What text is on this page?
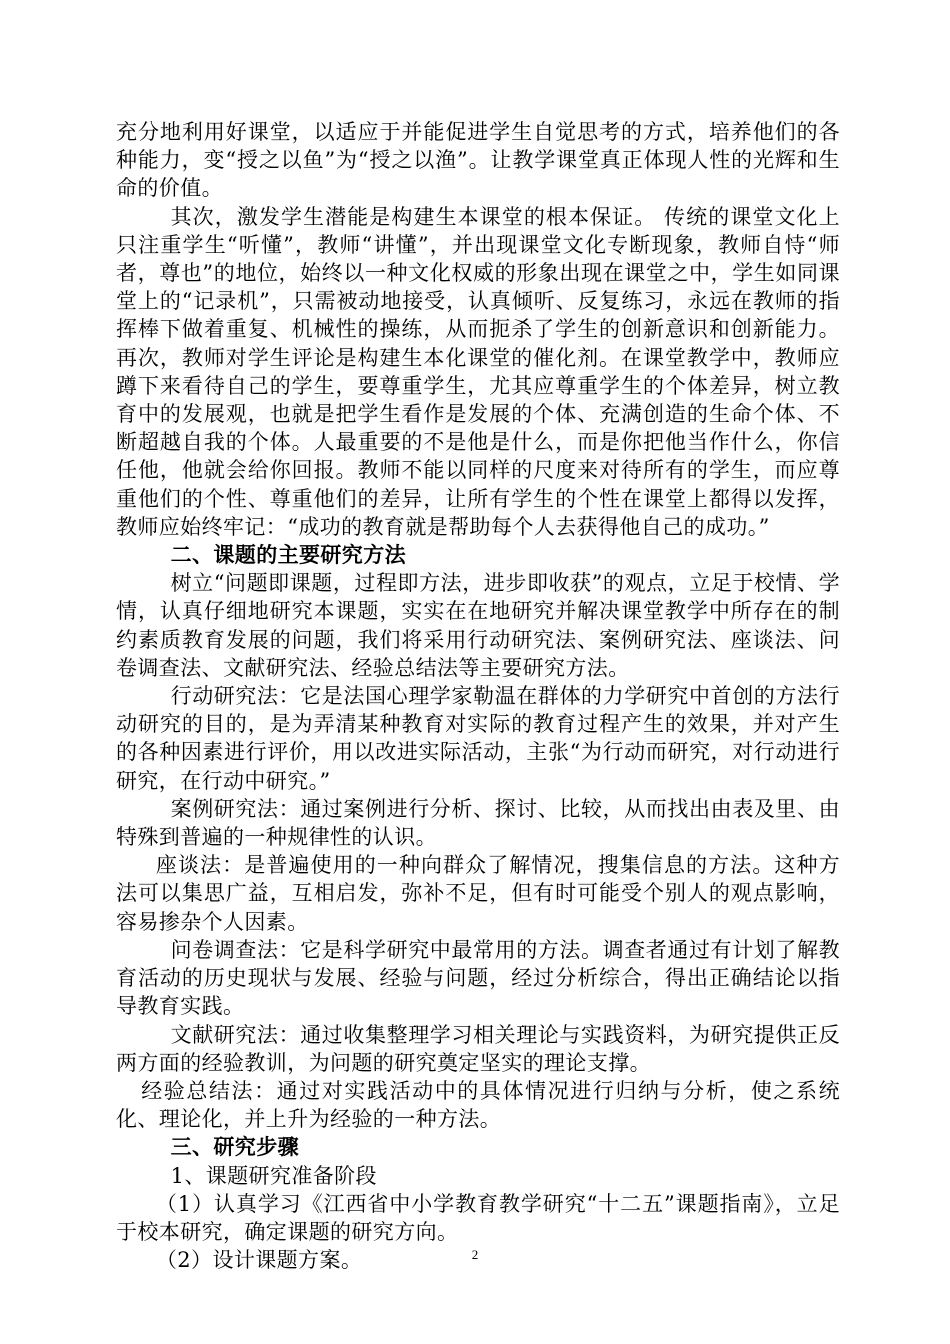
充分地利用好课堂，以适应于并能促进学生自觉思考的方式，培养他们的各种能力，变“授之以鱼”为“授之以渔”。让教学课堂真正体现人性的光辉和生命的价值。

其次，激发学生潜能是构建生本课堂的根本保证。 传统的课堂文化上只注重学生“听懂”，教师“讲懂”，并出现课堂文化专断现象，教师自恃“师者，尊也”的地位，始终以一种文化权威的形象出现在课堂之中，学生如同课堂上的“记录机”，只需被动地接受，认真倾听、反复练习，永远在教师的指挥棒下做着重复、机械性的操练，从而扼杀了学生的创新意识和创新能力。 再次，教师对学生评论是构建生本化课堂的催化剂。在课堂教学中，教师应蹲下来看待自己的学生，要尊重学生，尤其应尊重学生的个体差异，树立教育中的发展观，也就是把学生看作是发展的个体、充满创造的生命个体、不断超越自我的个体。人最重要的不是他是什么，而是你把他当作什么，你信任他，他就会给你回报。教师不能以同样的尺度来对待所有的学生，而应尊重他们的个性、尊重他们的差异，让所有学生的个性在课堂上都得以发挥，教师应始终牢记：“成功的教育就是帮助每个人去获得他自己的成功。”

二、课题的主要研究方法

树立“问题即课题，过程即方法，进步即收获”的观点，立足于校情、学情，认真仔细地研究本课题，实实在在地研究并解决课堂教学中所存在的制约素质教育发展的问题，我们将采用行动研究法、案例研究法、座谈法、问卷调查法、文献研究法、经验总结法等主要研究方法。

行动研究法：它是法国心理学家勒温在群体的力学研究中首创的方法行动研究的目的，是为弄清某种教育对实际的教育过程产生的效果，并对产生的各种因素进行评价，用以改进实际活动，主张“为行动而研究，对行动进行研究，在行动中研究。”

案例研究法：通过案例进行分析、探讨、比较，从而找出由表及里、由特殊到普遍的一种规律性的认识。

座谈法：是普遍使用的一种向群众了解情况，搜集信息的方法。这种方法可以集思广益，互相启发，弥补不足，但有时可能受个别人的观点影响，容易掺杂个人因素。

问卷调查法：它是科学研究中最常用的方法。调查者通过有计划了解教育活动的历史现状与发展、经验与问题，经过分析综合，得出正确结论以指导教育实践。

文献研究法：通过收集整理学习相关理论与实践资料，为研究提供正反两方面的经验教训，为问题的研究奠定坚实的理论支撑。

经验总结法：通过对实践活动中的具体情况进行归纳与分析，使之系统化、理论化，并上升为经验的一种方法。

三、研究步骤

1、课题研究准备阶段

（1）认真学习《江西省中小学教育教学研究“十二五”课题指南》，立足于校本研究，确定课题的研究方向。

（2）设计课题方案。	2
